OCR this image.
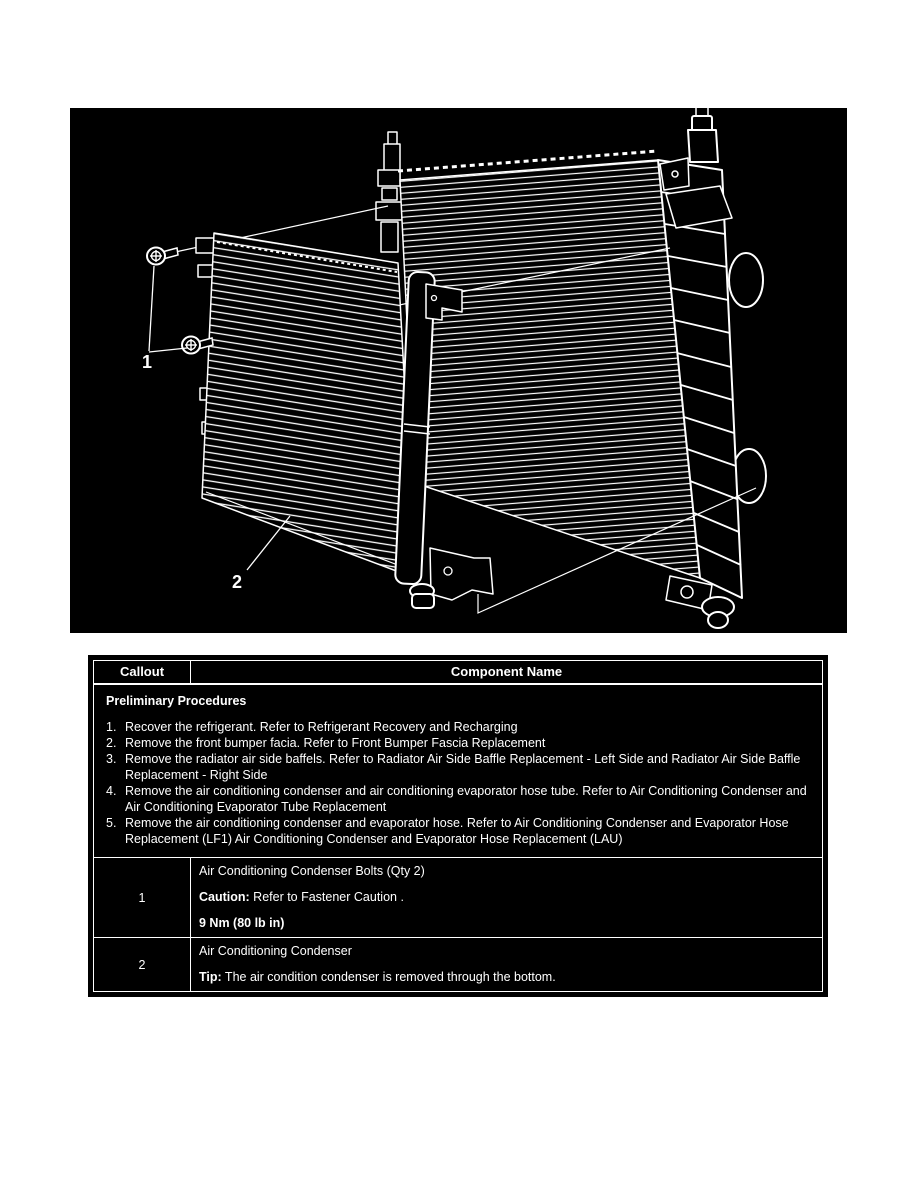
1
2
Callout	Component Name

Preliminary Procedures

1. Recover the refrigerant. Refer to Refrigerant Recovery and Recharging
2. Remove the front bumper facia. Refer to Front Bumper Fascia Replacement
3. Remove the radiator air side baffels. Refer to Radiator Air Side Baffle Replacement - Left Side and Radiator Air Side Baffle Replacement - Right Side
4. Remove the air conditioning condenser and air conditioning evaporator hose tube. Refer to Air Conditioning Condenser and Air Conditioning Evaporator Tube Replacement
5. Remove the air conditioning condenser and evaporator hose. Refer to Air Conditioning Condenser and Evaporator Hose Replacement (LF1) Air Conditioning Condenser and Evaporator Hose Replacement (LAU)
1

Air Conditioning Condenser Bolts (Qty 2)

Caution: Refer to Fastener Caution .

9 Nm (80 lb in)

2

Air Conditioning Condenser

Tip: The air condition condenser is removed through the bottom.
